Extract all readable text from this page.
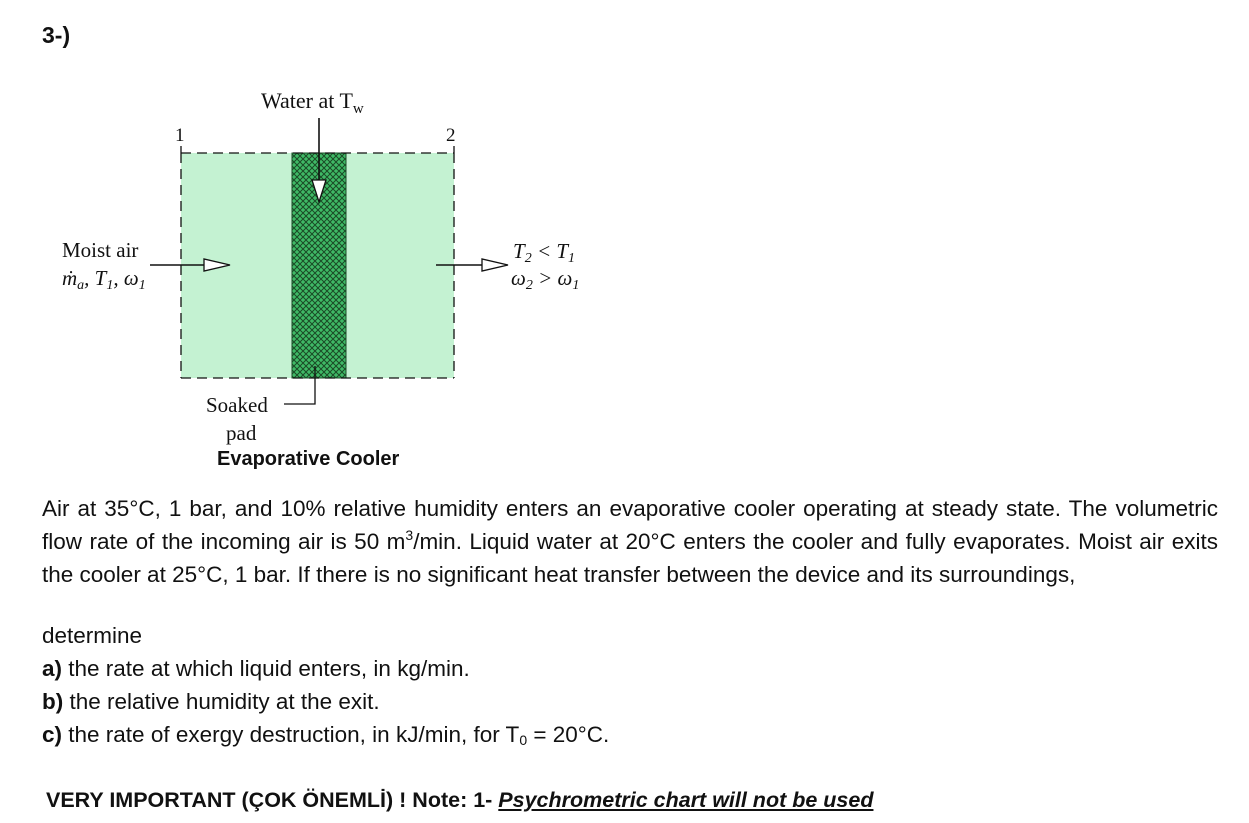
3-)
Water at $T_w$
1	2
Moist air
ṁa, T1, ω1
T2 < T1
ω2 > ω1
Soaked
pad
Evaporative Cooler

Air at 35°C, 1 bar, and 10% relative humidity enters an evaporative cooler operating at steady state. The volumetric flow rate of the incoming air is 50 $m^3/\min$. Liquid water at 20°C enters the cooler and fully evaporates. Moist air exits the cooler at 25°C, 1 bar. If there is no significant heat transfer between the device and its surroundings,

determine
a) the rate at which liquid enters, in kg/min.
b) the relative humidity at the exit.
c) the rate of exergy destruction, in kJ/min, for $T_0 = 20^\circ C$.
VERY IMPORTANT (ÇOK ÖNEMLİ) ! Note: 1- Psychrometric chart will not be used
